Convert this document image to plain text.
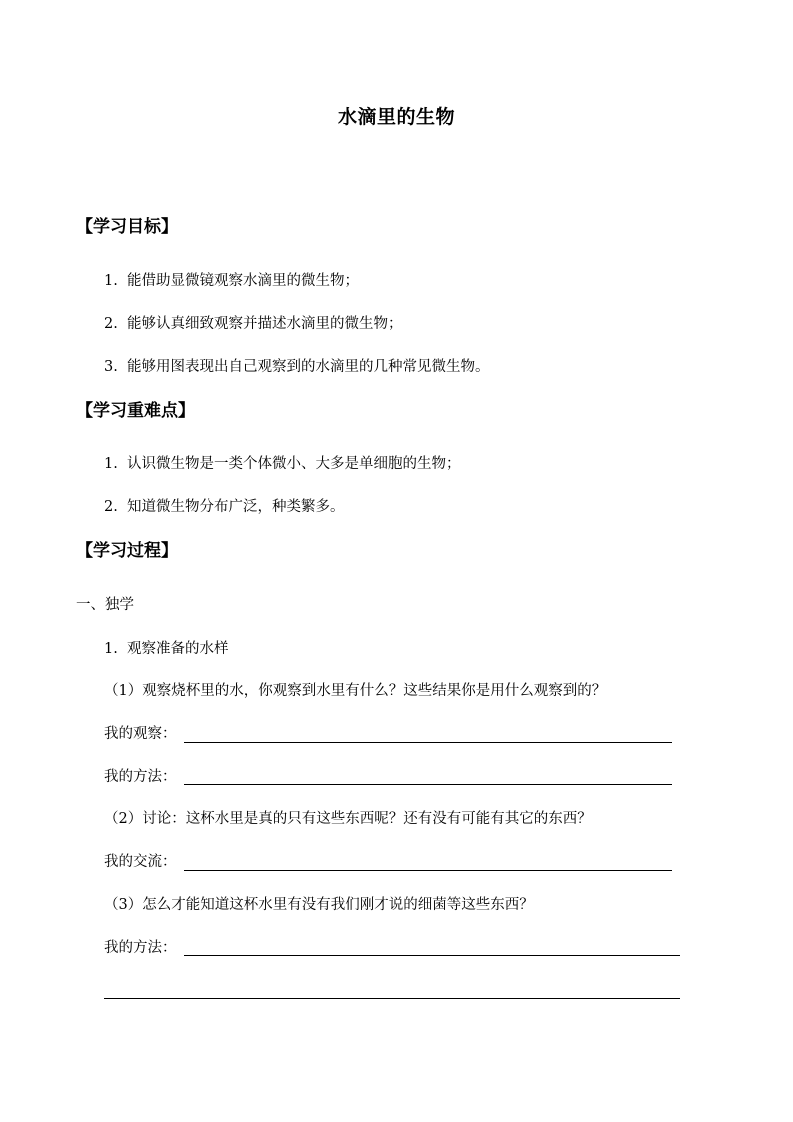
水滴里的生物
【学习目标】
1. 能借助显微镜观察水滴里的微生物；
2. 能够认真细致观察并描述水滴里的微生物；
3. 能够用图表现出自己观察到的水滴里的几种常见微生物。
【学习重难点】
1. 认识微生物是一类个体微小、大多是单细胞的生物；
2. 知道微生物分布广泛，种类繁多。
【学习过程】
一、独学
1. 观察准备的水样
（1）观察烧杯里的水，你观察到水里有什么？这些结果你是用什么观察到的？
我的观察：
我的方法：
（2）讨论：这杯水里是真的只有这些东西呢？还有没有可能有其它的东西？
我的交流：
（3）怎么才能知道这杯水里有没有我们刚才说的细菌等这些东西？
我的方法：
